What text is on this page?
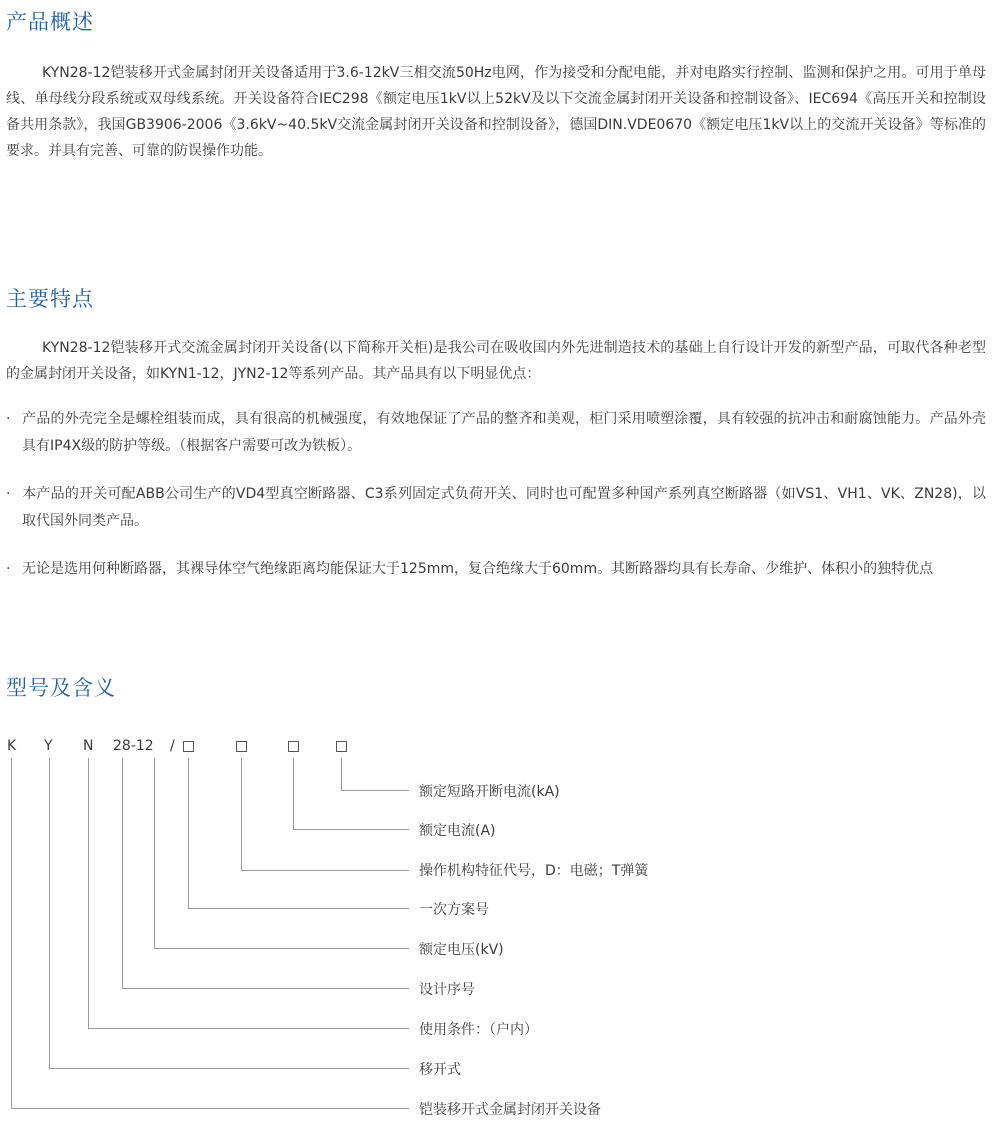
产品概述

KYN28-12铠装移开式金属封闭开关设备适用于3.6-12kV三相交流50Hz电网，作为接受和分配电能，并对电路实行控制、监测和保护之用。可用于单母线、单母线分段系统或双母线系统。开关设备符合IEC298《额定电压1kV以上52kV及以下交流金属封闭开关设备和控制设备》、IEC694《高压开关和控制设备共用条款》，我国GB3906-2006《3.6kV~40.5kV交流金属封闭开关设备和控制设备》，德国DIN.VDE0670《额定电压1kV以上的交流开关设备》等标准的要求。并具有完善、可靠的防误操作功能。

主要特点

KYN28-12铠装移开式交流金属封闭开关设备(以下简称开关柜)是我公司在吸收国内外先进制造技术的基础上自行设计开发的新型产品，可取代各种老型的金属封闭开关设备，如KYN1-12，JYN2-12等系列产品。其产品具有以下明显优点：

· 产品的外壳完全是螺栓组装而成，具有很高的机械强度，有效地保证了产品的整齐和美观，柜门采用喷塑涂覆，具有较强的抗冲击和耐腐蚀能力。产品外壳具有IP4X级的防护等级。（根据客户需要可改为铁板）。
· 本产品的开关可配ABB公司生产的VD4型真空断路器、C3系列固定式负荷开关、同时也可配置多种国产系列真空断路器（如VS1、VH1、VK、ZN28)，以取代国外同类产品。
· 无论是选用何种断路器，其裸导体空气绝缘距离均能保证大于125mm，复合绝缘大于60mm。其断路器均具有长寿命、少维护、体积小的独特优点
型号及含义
K Y N 28-12 /
额定短路开断电流(kA)
额定电流(A)
操作机构特征代号，D：电磁；T弹簧
一次方案号
额定电压(kV)
设计序号
使用条件：（户内）
移开式
铠装移开式金属封闭开关设备
